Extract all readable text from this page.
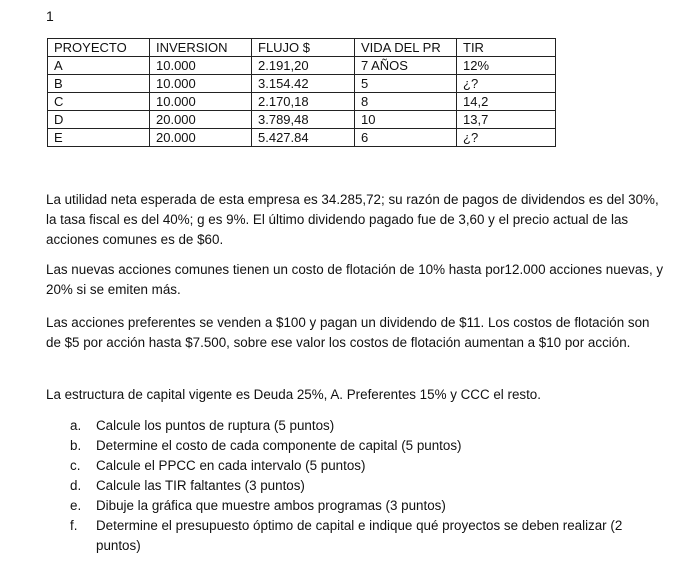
1
PROYECTO	INVERSION	FLUJO $	VIDA DEL PR	TIR
A	10.000	2.191,20	7 AÑOS	12%
B	10.000	3.154.42	5	¿?
C	10.000	2.170,18	8	14,2
D	20.000	3.789,48	10	13,7
E	20.000	5.427.84	6	¿?

La utilidad neta esperada de esta empresa es 34.285,72; su razón de pagos de dividendos es del 30%, la tasa fiscal es del 40%; g es 9%. El último dividendo pagado fue de 3,60 y el precio actual de las acciones comunes es de $60.

Las nuevas acciones comunes tienen un costo de flotación de 10% hasta por12.000 acciones nuevas, y 20% si se emiten más.

Las acciones preferentes se venden a $100 y pagan un dividendo de $11. Los costos de flotación son de $5 por acción hasta $7.500, sobre ese valor los costos de flotación aumentan a $10 por acción.

La estructura de capital vigente es Deuda 25%, A. Preferentes 15% y CCC el resto.

a.	Calcule los puntos de ruptura (5 puntos)
b.	Determine el costo de cada componente de capital (5 puntos)
c.	Calcule el PPCC en cada intervalo (5 puntos)
d.	Calcule las TIR faltantes (3 puntos)
e.	Dibuje la gráfica que muestre ambos programas (3 puntos)
f.	Determine el presupuesto óptimo de capital e indique qué proyectos se deben realizar (2 puntos)
